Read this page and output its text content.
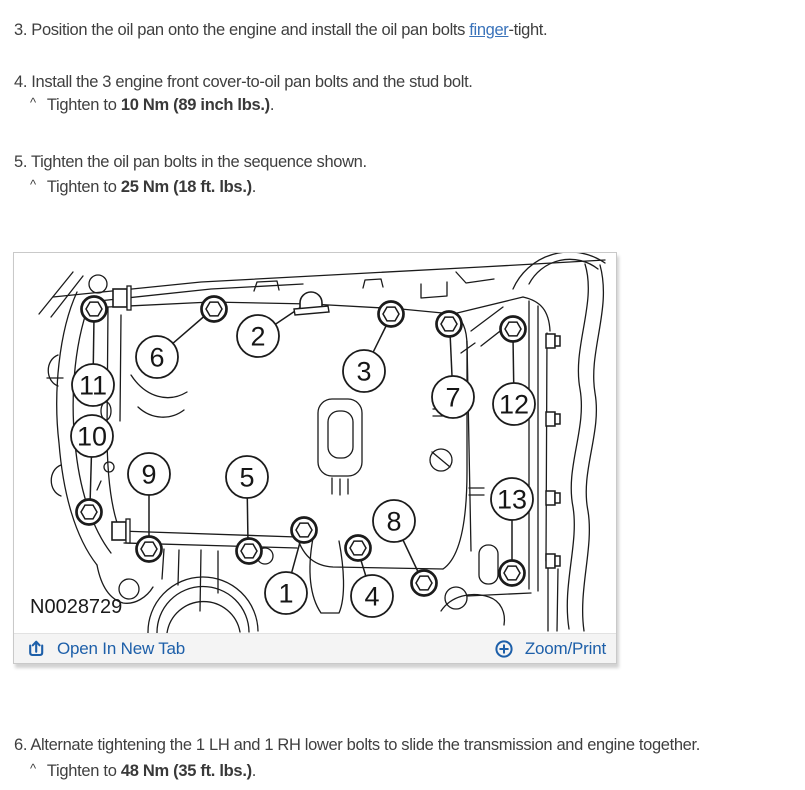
3. Position the oil pan onto the engine and install the oil pan bolts finger-tight.

4. Install the 3 engine front cover-to-oil pan bolts and the stud bolt.

^ Tighten to 10 Nm (89 inch lbs.).

5. Tighten the oil pan bolts in the sequence shown.

^ Tighten to 25 Nm (18 ft. lbs.).

1
2
3
4
5
6
7
8
9
10
11
12
13
N0028729
Open In New Tab	Zoom/Print

6. Alternate tightening the 1 LH and 1 RH lower bolts to slide the transmission and engine together.

^ Tighten to 48 Nm (35 ft. lbs.).
